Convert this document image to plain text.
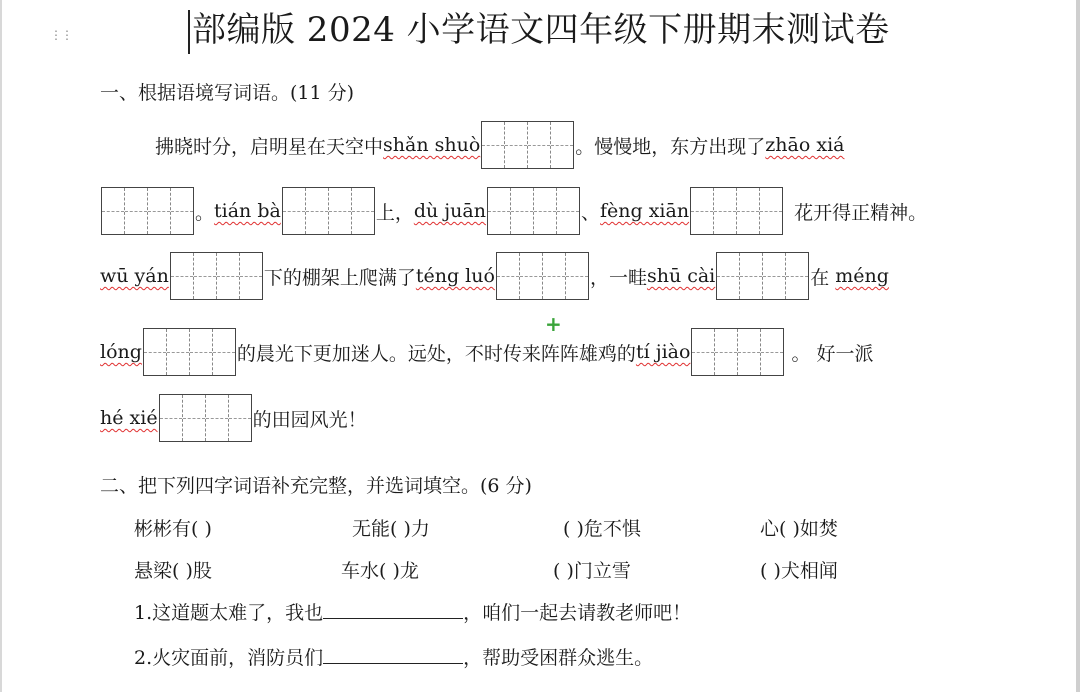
⋮⋮	部编版 2024 小学语文四年级下册期末测试卷
一、根据语境写词语。(11 分)
拂晓时分，启明星在天空中 shǎn shuò	。慢慢地，东方出现了 zhāo xiá
。 tián bà	上， dù juān	、 fèng xiān	花开得正精神。
wū yán	下的棚架上爬满了 téng luó	，一畦 shū cài	在 méng
+
lóng	的晨光下更加迷人。远处，不时传来阵阵雄鸡的 tí jiào	。 好一派
hé xié	的田园风光！
二、把下列四字词语补充完整，并选词填空。(6 分)
彬彬有( )	无能( )力	( )危不惧	心( )如焚
悬梁( )股	车水( )龙	( )门立雪	( )犬相闻
1.这道题太难了，我也	，咱们一起去请教老师吧！
2.火灾面前，消防员们	，帮助受困群众逃生。
